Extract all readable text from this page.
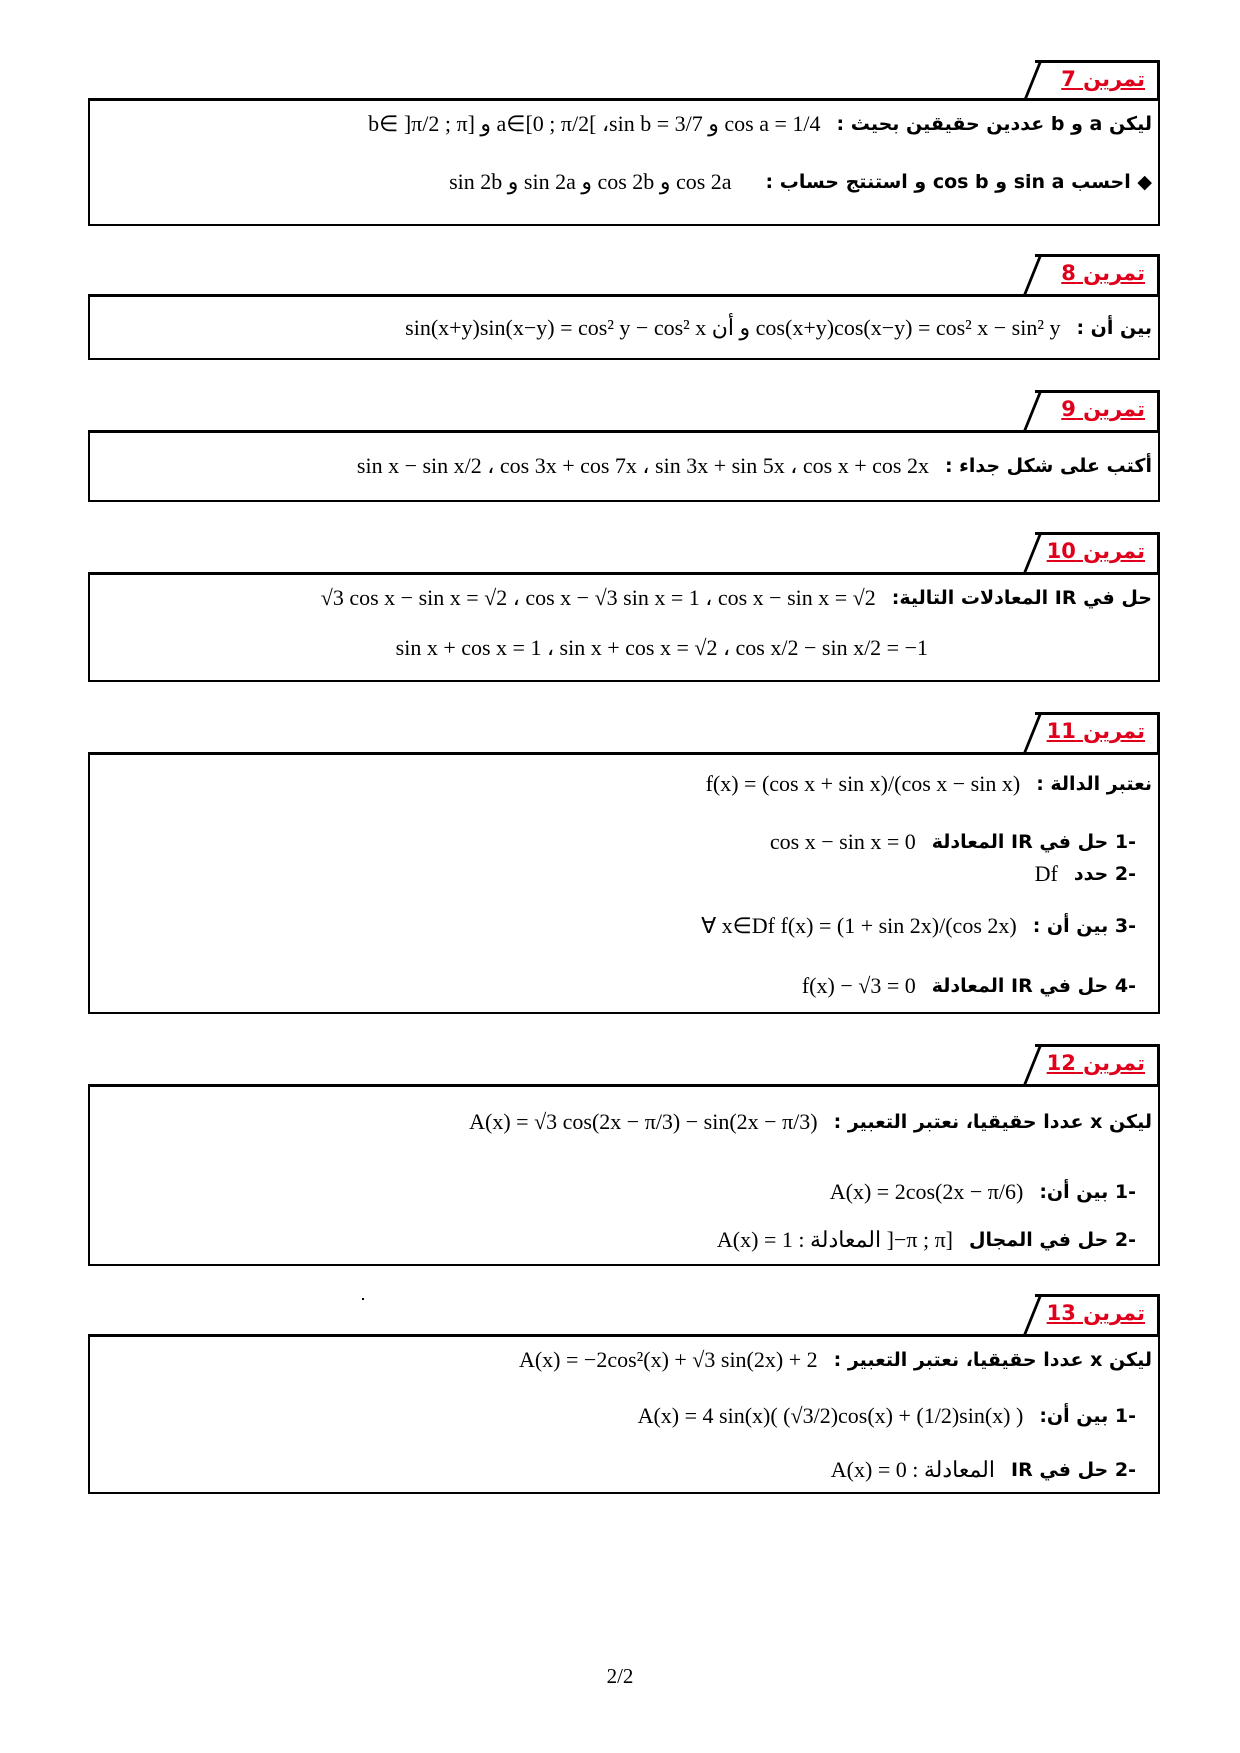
تمرين 7
b∈ ]π/2 ; π] و a∈[0 ; π/2[ ،sin b = 3/7 و cos a = 1/4 ليكن a و b عددين حقيقين بحيث :
sin 2b و sin 2a و cos 2b و cos 2a ◆ احسب sin a و cos b و استنتج حساب :
تمرين 8
sin(x+y)sin(x−y) = cos² y − cos² x و أن cos(x+y)cos(x−y) = cos² x − sin² y بين أن :
تمرين 9
sin x − sin x/2 ، cos 3x + cos 7x ، sin 3x + sin 5x ، cos x + cos 2x أكتب على شكل جداء :
تمرين 10
√3 cos x − sin x = √2 ، cos x − √3 sin x = 1 ، cos x − sin x = √2 حل في IR المعادلات التالية:
sin x + cos x = 1 ، sin x + cos x = √2 ، cos x/2 − sin x/2 = −1
تمرين 11
f(x) = (cos x + sin x)/(cos x − sin x) نعتبر الدالة :
cos x − sin x = 0 -1 حل في IR المعادلة
Df -2 حدد
∀ x∈Df f(x) = (1 + sin 2x)/(cos 2x) -3 بين أن :
f(x) − √3 = 0 -4 حل في IR المعادلة
تمرين 12
A(x) = √3 cos(2x − π/3) − sin(2x − π/3) ليكن x عددا حقيقيا، نعتبر التعبير :
A(x) = 2cos(2x − π/6) -1 بين أن:
A(x) = 1 : المعادلة ]−π ; π] -2 حل في المجال
تمرين 13
A(x) = −2cos²(x) + √3 sin(2x) + 2 ليكن x عددا حقيقيا، نعتبر التعبير :
A(x) = 4 sin(x)( (√3/2)cos(x) + (1/2)sin(x) ) -1 بين أن:
A(x) = 0 : المعادلة -2 حل في IR
2/2
